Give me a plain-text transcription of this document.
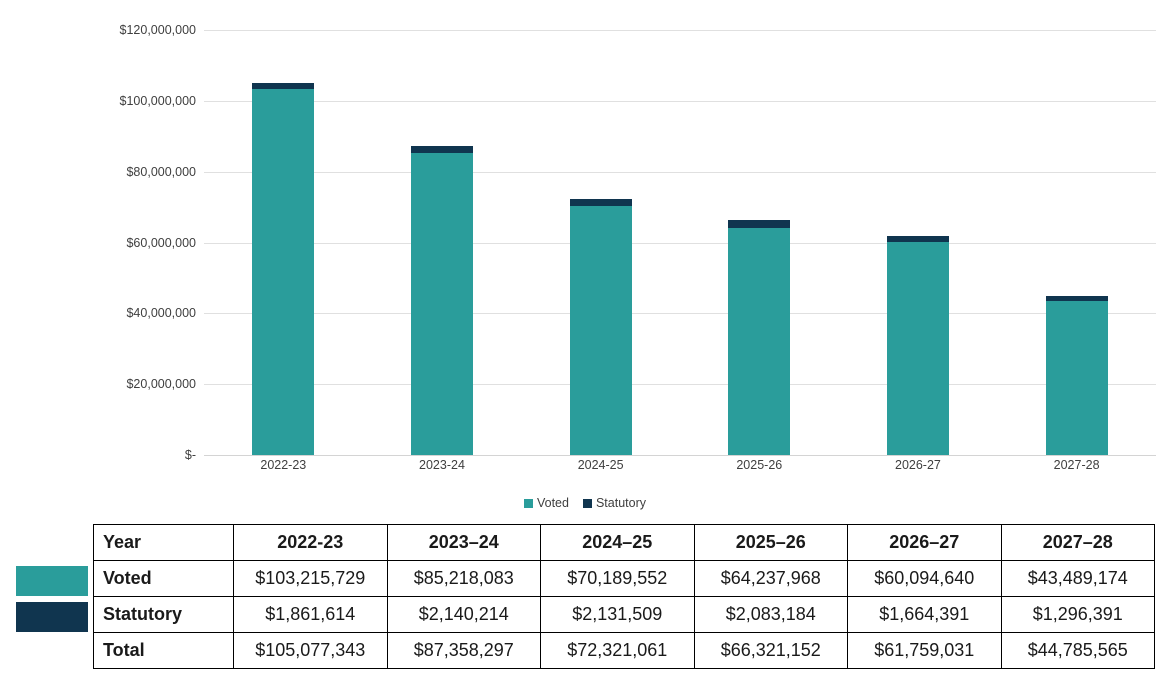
$-
$20,000,000
$40,000,000
$60,000,000
$80,000,000
$100,000,000
$120,000,000
2022-23	2023-24	2024-25	2025-26	2026-27	2027-28
Voted Statutory
Year	2022-23	2023–24	2024–25	2025–26	2026–27	2027–28
Voted	$103,215,729	$85,218,083	$70,189,552	$64,237,968	$60,094,640	$43,489,174
Statutory	$1,861,614	$2,140,214	$2,131,509	$2,083,184	$1,664,391	$1,296,391
Total	$105,077,343	$87,358,297	$72,321,061	$66,321,152	$61,759,031	$44,785,565
